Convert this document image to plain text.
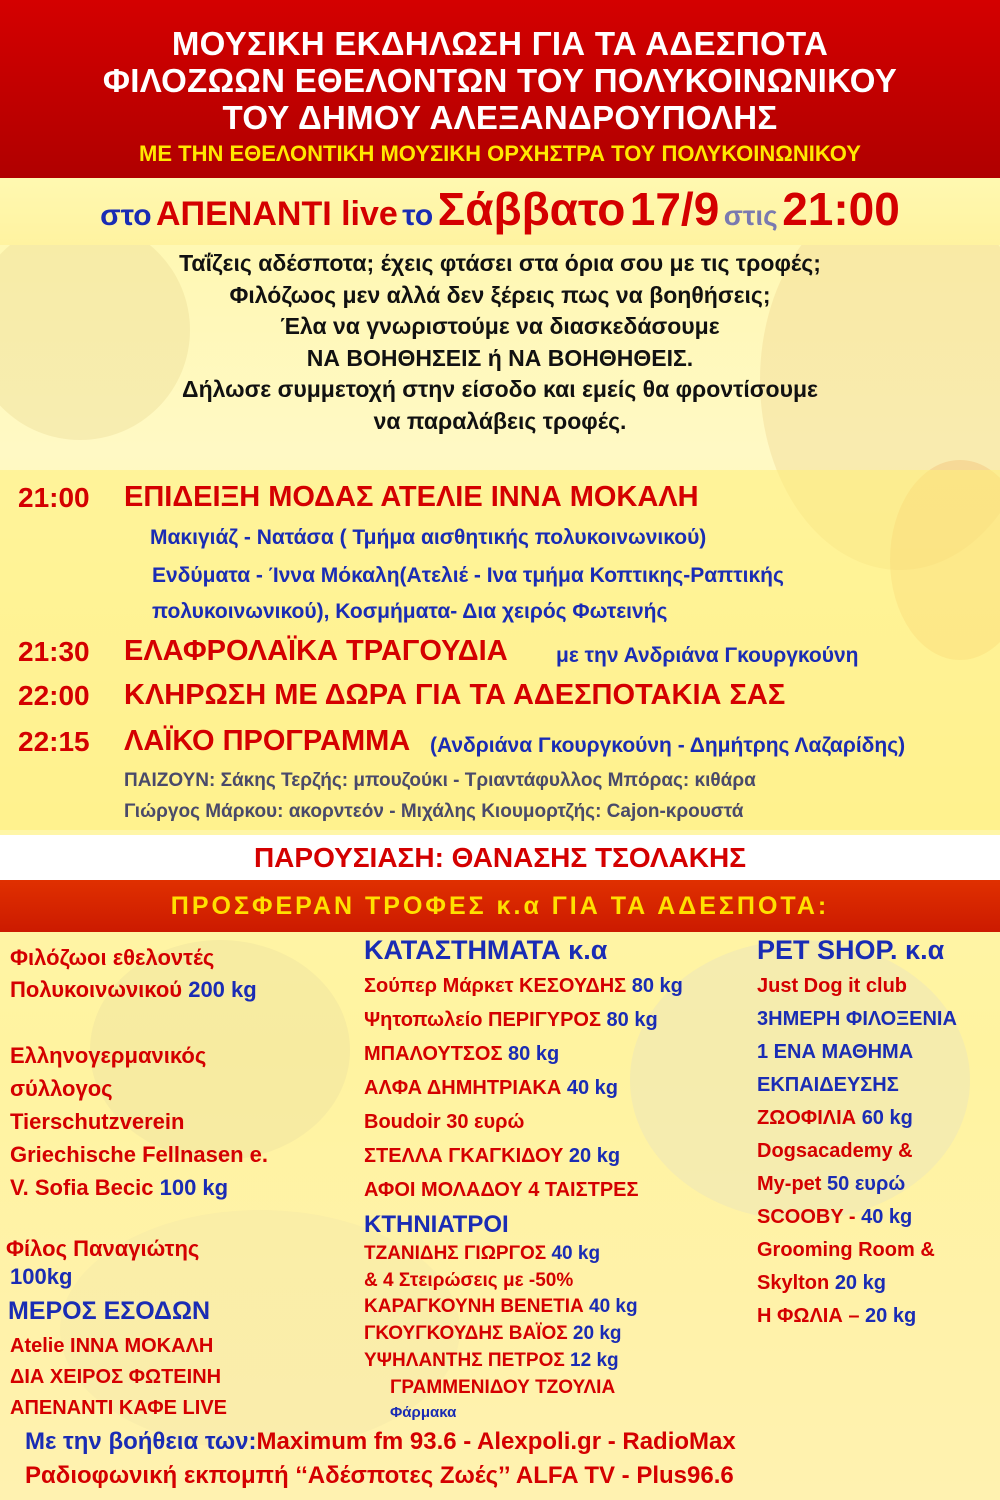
ΜΟΥΣΙΚΗ ΕΚΔΗΛΩΣΗ ΓΙΑ ΤΑ ΑΔΕΣΠΟΤΑ
ΦΙΛΟΖΩΩΝ ΕΘΕΛΟΝΤΩΝ ΤΟΥ ΠΟΛΥΚΟΙΝΩΝΙΚΟΥ
ΤΟΥ ΔΗΜΟΥ ΑΛΕΞΑΝΔΡΟΥΠΟΛΗΣ
ΜΕ ΤΗΝ ΕΘΕΛΟΝΤΙΚΗ ΜΟΥΣΙΚΗ ΟΡΧΗΣΤΡΑ ΤΟΥ ΠΟΛΥΚΟΙΝΩΝΙΚΟΥ
στο ΑΠΕΝΑΝΤΙ live το Σάββατο 17/9 στις 21:00
Ταΐζεις αδέσποτα; έχεις φτάσει στα όρια σου με τις τροφές;
Φιλόζωος μεν αλλά δεν ξέρεις πως να βοηθήσεις;
Έλα να γνωριστούμε να διασκεδάσουμε
ΝΑ ΒΟΗΘΗΣΕΙΣ ή ΝΑ ΒΟΗΘΗΘΕΙΣ.
Δήλωσε συμμετοχή στην είσοδο και εμείς θα φροντίσουμε
να παραλάβεις τροφές.
21:00 ΕΠΙΔΕΙΞΗ ΜΟΔΑΣ ΑΤΕΛΙΕ ΙΝΝΑ ΜΟΚΑΛΗ
Μακιγιάζ - Νατάσα ( Τμήμα αισθητικής πολυκοινωνικού)
Ενδύματα - Ίννα Μόκαλη(Ατελιέ - Ινα τμήμα Κοπτικης-Ραπτικής
πολυκοινωνικού), Κοσμήματα- Δια χειρός Φωτεινής
21:30 ΕΛΑΦΡΟΛΑΪΚΑ ΤΡΑΓΟΥΔΙΑ με την Ανδριάνα Γκουργκούνη
22:00 ΚΛΗΡΩΣΗ ΜΕ ΔΩΡΑ ΓΙΑ ΤΑ ΑΔΕΣΠΟΤΑΚΙΑ ΣΑΣ
22:15 ΛΑΪΚΟ ΠΡΟΓΡΑΜΜΑ (Ανδριάνα Γκουργκούνη - Δημήτρης Λαζαρίδης)
ΠΑΙΖΟΥΝ: Σάκης Τερζής: μπουζούκι - Τριαντάφυλλος Μπόρας: κιθάρα
Γιώργος Μάρκου: ακορντεόν - Μιχάλης Κιουμορτζής: Cajon-κρουστά
ΠΑΡΟΥΣΙΑΣΗ: ΘΑΝΑΣΗΣ ΤΣΟΛΑΚΗΣ
ΠΡΟΣΦΕΡΑΝ ΤΡΟΦΕΣ κ.α ΓΙΑ ΤΑ ΑΔΕΣΠΟΤΑ:
Φιλόζωοι εθελοντές
Πολυκοινωνικού 200 kg
Ελληνογερμανικός
σύλλογος
Tierschutzverein
Griechische Fellnasen e.
V. Sofia Becic 100 kg
Φίλος Παναγιώτης
100kg
ΜΕΡΟΣ ΕΣΟΔΩΝ
Atelie ΙΝΝΑ ΜΟΚΑΛΗ
ΔΙΑ ΧΕΙΡΟΣ ΦΩΤΕΙΝΗ
ΑΠΕΝΑΝΤΙ ΚΑΦΕ LIVE
ΚΑΤΑΣΤΗΜΑΤΑ κ.α
Σούπερ Μάρκετ ΚΕΣΟΥΔΗΣ 80 kg
Ψητοπωλείο ΠΕΡΙΓΥΡΟΣ 80 kg
ΜΠΑΛΟΥΤΣΟΣ 80 kg
ΑΛΦΑ ΔΗΜΗΤΡΙΑΚΑ 40 kg
Boudoir 30 ευρώ
ΣΤΕΛΛΑ ΓΚΑΓΚΙΔΟΥ 20 kg
ΑΦΟΙ ΜΟΛΑΔΟΥ 4 ΤΑΙΣΤΡΕΣ
ΚΤΗΝΙΑΤΡΟΙ
ΤΖΑΝΙΔΗΣ ΓΙΩΡΓΟΣ 40 kg
& 4 Στειρώσεις με -50%
ΚΑΡΑΓΚΟΥΝΗ ΒΕΝΕΤΙΑ 40 kg
ΓΚΟΥΓΚΟΥΔΗΣ ΒΑΪΟΣ 20 kg
ΥΨΗΛΑΝΤΗΣ ΠΕΤΡΟΣ 12 kg
ΓΡΑΜΜΕΝΙΔΟΥ ΤΖΟΥΛΙΑ
Φάρμακα
PET SHOP. κ.α
Just Dog it club
3ΗΜΕΡΗ ΦΙΛΟΞΕΝΙΑ
1 ΕΝΑ ΜΑΘΗΜΑ
ΕΚΠΑΙΔΕΥΣΗΣ
ΖΩΟΦΙΛΙΑ 60 kg
Dogsacademy &
My-pet 50 ευρώ
SCOOBY - 40 kg
Grooming Room &
Skylton 20 kg
Η ΦΩΛΙΑ – 20 kg
Με την βοήθεια των:Maximum fm 93.6 - Alexpoli.gr - RadioMax
Ραδιοφωνική εκπομπή ‘‘Αδέσποτες Ζωές’’ ALFA TV - Plus96.6
